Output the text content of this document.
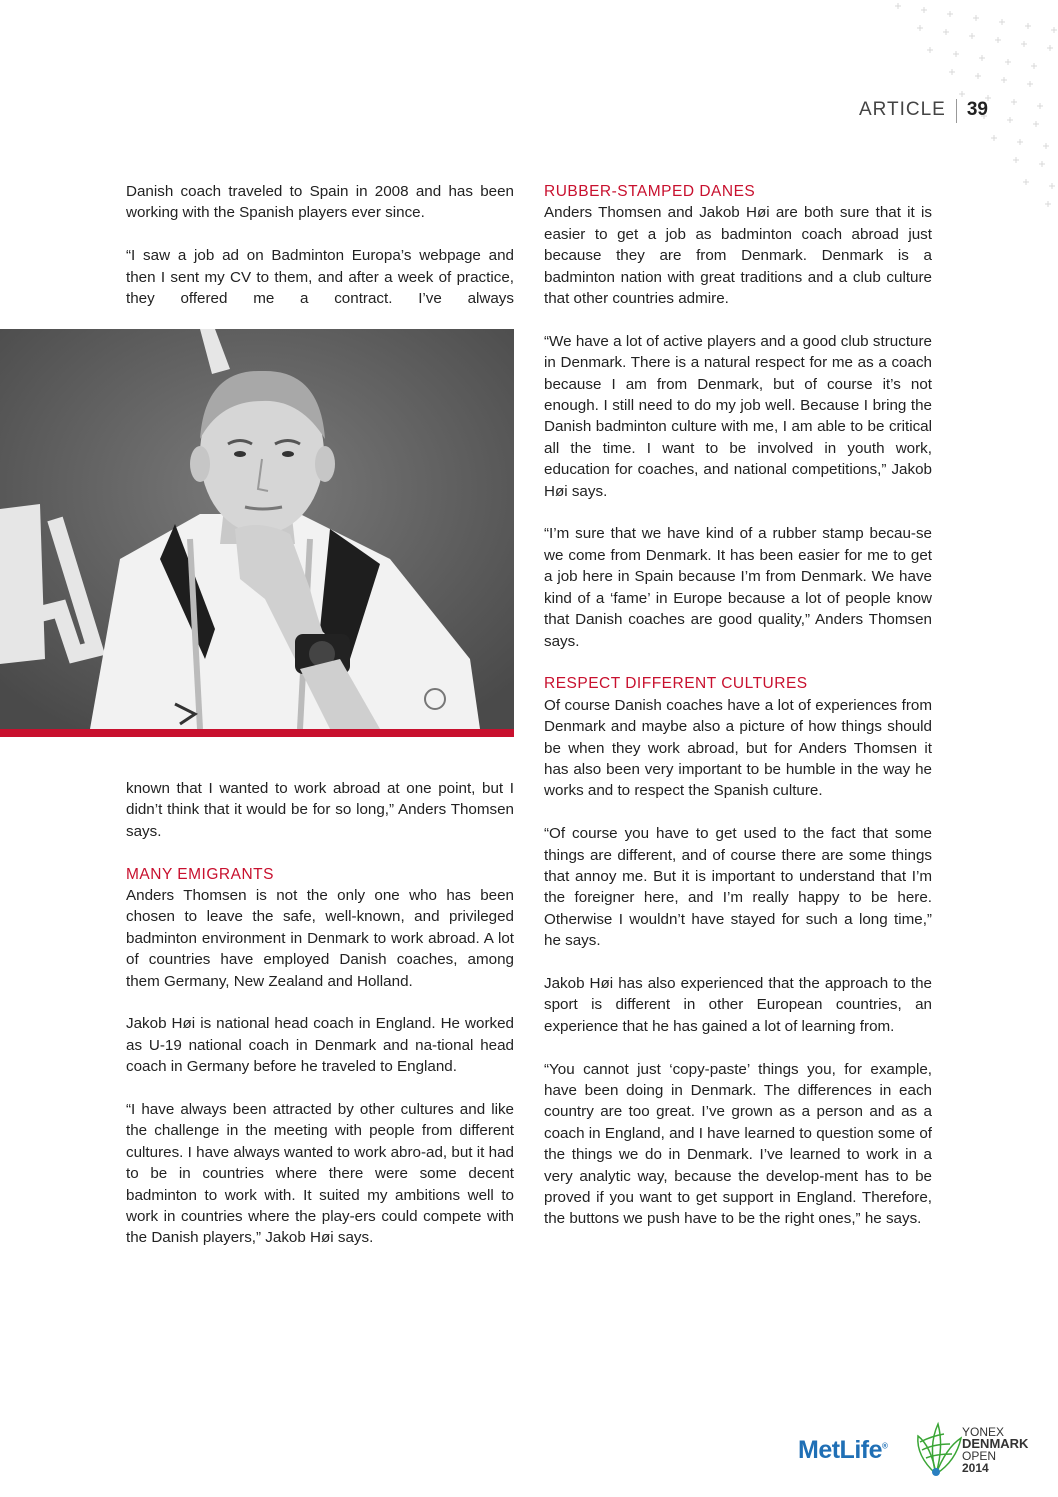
ARTICLE 39

Danish coach traveled to Spain in 2008 and has been working with the Spanish players ever since.

“I saw a job ad on Badminton Europa’s webpage and then I sent my CV to them, and after a week of practice, they offered me a contract. I’ve always

known that I wanted to work abroad at one point, but I didn’t think that it would be for so long,” Anders Thomsen says.

MANY EMIGRANTS

Anders Thomsen is not the only one who has been chosen to leave the safe, well-known, and privileged badminton environment in Denmark to work abroad. A lot of countries have employed Danish coaches, among them Germany, New Zealand and Holland.

Jakob Høi is national head coach in England. He worked as U-19 national coach in Denmark and na-tional head coach in Germany before he traveled to England.

“I have always been attracted by other cultures and like the challenge in the meeting with people from different cultures. I have always wanted to work abro-ad, but it had to be in countries where there were some decent badminton to work with. It suited my ambitions well to work in countries where the play-ers could compete with the Danish players,” Jakob Høi says.

RUBBER-STAMPED DANES

Anders Thomsen and Jakob Høi are both sure that it is easier to get a job as badminton coach abroad just because they are from Denmark. Denmark is a badminton nation with great traditions and a club culture that other countries admire.

“We have a lot of active players and a good club structure in Denmark. There is a natural respect for me as a coach because I am from Denmark, but of course it’s not enough. I still need to do my job well. Because I bring the Danish badminton culture with me, I am able to be critical all the time. I want to be involved in youth work, education for coaches, and national competitions,” Jakob Høi says.

“I’m sure that we have kind of a rubber stamp becau-se we come from Denmark. It has been easier for me to get a job here in Spain because I’m from Denmark. We have kind of a ‘fame’ in Europe because a lot of people know that Danish coaches are good quality,” Anders Thomsen says.

RESPECT DIFFERENT CULTURES

Of course Danish coaches have a lot of experiences from Denmark and maybe also a picture of how things should be when they work abroad, but for Anders Thomsen it has also been very important to be humble in the way he works and to respect the Spanish culture.

“Of course you have to get used to the fact that some things are different, and of course there are some things that annoy me. But it is important to understand that I’m the foreigner here, and I’m really happy to be here. Otherwise I wouldn’t have stayed for such a long time,” he says.

Jakob Høi has also experienced that the approach to the sport is different in other European countries, an experience that he has gained a lot of learning from.

“You cannot just ‘copy-paste’ things you, for example, have been doing in Denmark. The differences in each country are too great. I’ve grown as a person and as a coach in England, and I have learned to question some of the things we do in Denmark. I’ve learned to work in a very analytic way, because the develop-ment has to be proved if you want to get support in England. Therefore, the buttons we push have to be the right ones,” he says.

MetLife®
YONEX
DENMARK
OPEN
2014
